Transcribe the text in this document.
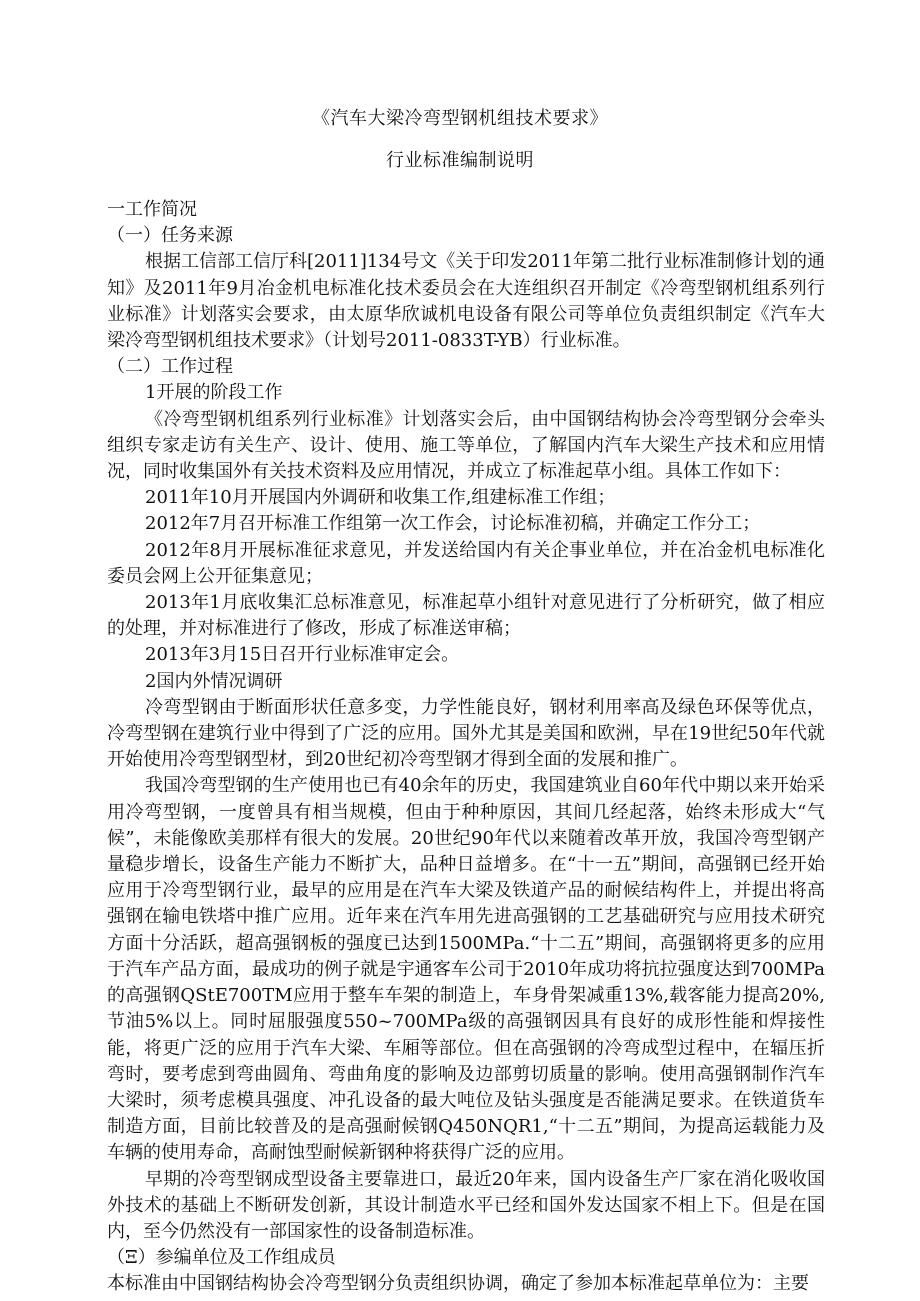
《汽车大梁冷弯型钢机组技术要求》
行业标准编制说明

一工作简况

（一）任务来源

根据工信部工信厅科[2011]134号文《关于印发2011年第二批行业标准制修计划的通知》及2011年9月冶金机电标准化技术委员会在大连组织召开制定《冷弯型钢机组系列行业标准》计划落实会要求，由太原华欣诚机电设备有限公司等单位负责组织制定《汽车大梁冷弯型钢机组技术要求》（计划号2011-0833T-YB）行业标准。

（二）工作过程

1开展的阶段工作

《冷弯型钢机组系列行业标准》计划落实会后，由中国钢结构协会冷弯型钢分会牵头组织专家走访有关生产、设计、使用、施工等单位，了解国内汽车大梁生产技术和应用情况，同时收集国外有关技术资料及应用情况，并成立了标准起草小组。具体工作如下：

2011年10月开展国内外调研和收集工作,组建标准工作组；

2012年7月召开标准工作组第一次工作会，讨论标准初稿，并确定工作分工；

2012年8月开展标准征求意见，并发送给国内有关企事业单位，并在冶金机电标准化委员会网上公开征集意见；

2013年1月底收集汇总标准意见，标准起草小组针对意见进行了分析研究，做了相应的处理，并对标准进行了修改，形成了标准送审稿；

2013年3月15日召开行业标准审定会。

2国内外情况调研

冷弯型钢由于断面形状任意多变，力学性能良好，钢材利用率高及绿色环保等优点，冷弯型钢在建筑行业中得到了广泛的应用。国外尤其是美国和欧洲，早在19世纪50年代就开始使用冷弯型钢型材，到20世纪初冷弯型钢才得到全面的发展和推广。

我国冷弯型钢的生产使用也已有40余年的历史，我国建筑业自60年代中期以来开始采用冷弯型钢，一度曾具有相当规模，但由于种种原因，其间几经起落，始终未形成大“气候”，未能像欧美那样有很大的发展。20世纪90年代以来随着改革开放，我国冷弯型钢产量稳步增长，设备生产能力不断扩大，品种日益增多。在“十一五”期间，高强钢已经开始应用于冷弯型钢行业，最早的应用是在汽车大梁及铁道产品的耐候结构件上，并提出将高强钢在输电铁塔中推广应用。近年来在汽车用先进高强钢的工艺基础研究与应用技术研究方面十分活跃，超高强钢板的强度已达到1500MPa.“十二五”期间，高强钢将更多的应用于汽车产品方面，最成功的例子就是宇通客车公司于2010年成功将抗拉强度达到700MPa的高强钢QStE700TM应用于整车车架的制造上，车身骨架减重13%,载客能力提高20%,节油5%以上。同时屈服强度550~700MPa级的高强钢因具有良好的成形性能和焊接性能，将更广泛的应用于汽车大梁、车厢等部位。但在高强钢的冷弯成型过程中，在辐压折弯时，要考虑到弯曲圆角、弯曲角度的影响及边部剪切质量的影响。使用高强钢制作汽车大梁时，须考虑模具强度、冲孔设备的最大吨位及钻头强度是否能满足要求。在铁道货车制造方面，目前比较普及的是高强耐候钢Q450NQR1,“十二五”期间，为提高运载能力及车辆的使用寿命，高耐蚀型耐候新钢种将获得广泛的应用。

早期的冷弯型钢成型设备主要靠进口，最近20年来，国内设备生产厂家在消化吸收国外技术的基础上不断研发创新，其设计制造水平已经和国外发达国家不相上下。但是在国内，至今仍然没有一部国家性的设备制造标准。

（Ξ）参编单位及工作组成员

本标准由中国钢结构协会冷弯型钢分负责组织协调，确定了参加本标准起草单位为：主要
